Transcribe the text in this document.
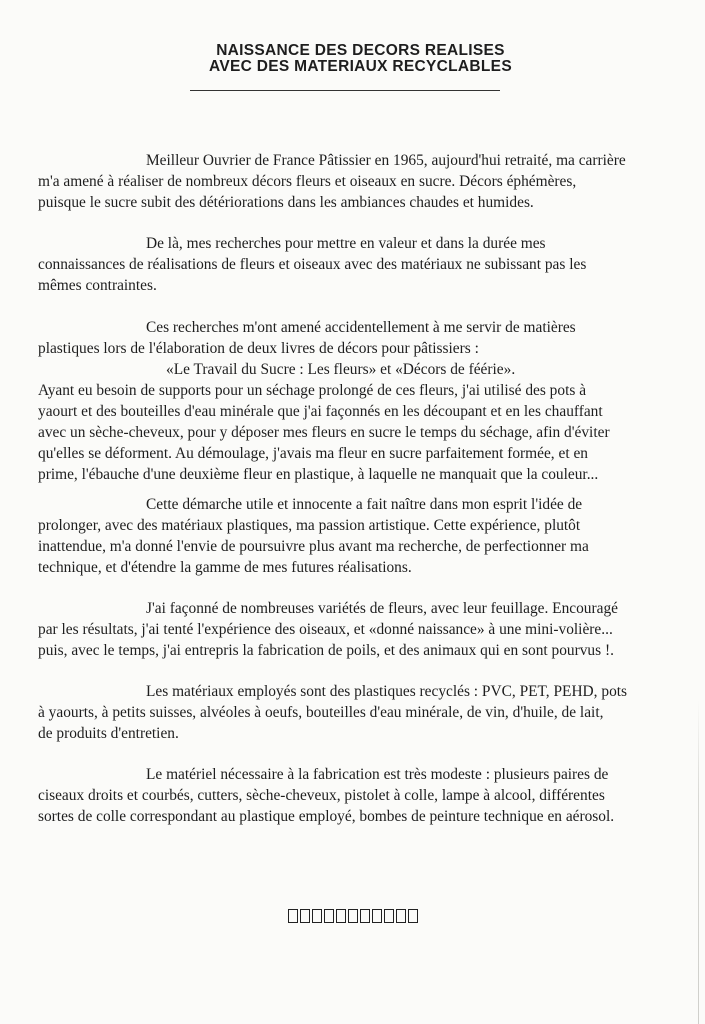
NAISSANCE DES DECORS REALISES
AVEC DES MATERIAUX RECYCLABLES
Meilleur Ouvrier de France Pâtissier en 1965, aujourd'hui retraité, ma carrière
m'a amené à réaliser de nombreux décors fleurs et oiseaux en sucre. Décors éphémères,
puisque le sucre subit des détériorations dans les ambiances chaudes et humides.
De là, mes recherches pour mettre en valeur et dans la durée mes
connaissances de réalisations de fleurs et oiseaux avec des matériaux ne subissant pas les
mêmes contraintes.
Ces recherches m'ont amené accidentellement à me servir de matières
plastiques lors de l'élaboration de deux livres de décors pour pâtissiers :
«Le Travail du Sucre : Les fleurs» et «Décors de féérie».
Ayant eu besoin de supports pour un séchage prolongé de ces fleurs, j'ai utilisé des pots à
yaourt et des bouteilles d'eau minérale que j'ai façonnés en les découpant et en les chauffant
avec un sèche-cheveux, pour y déposer mes fleurs en sucre le temps du séchage, afin d'éviter
qu'elles se déforment. Au démoulage, j'avais ma fleur en sucre parfaitement formée, et en
prime, l'ébauche d'une deuxième fleur en plastique, à laquelle ne manquait que la couleur...
Cette démarche utile et innocente a fait naître dans mon esprit l'idée de
prolonger, avec des matériaux plastiques, ma passion artistique. Cette expérience, plutôt
inattendue, m'a donné l'envie de poursuivre plus avant ma recherche, de perfectionner ma
technique, et d'étendre la gamme de mes futures réalisations.
J'ai façonné de nombreuses variétés de fleurs, avec leur feuillage. Encouragé
par les résultats, j'ai tenté l'expérience des oiseaux, et «donné naissance» à une mini-volière...
puis, avec le temps, j'ai entrepris la fabrication de poils, et des animaux qui en sont pourvus !.
Les matériaux employés sont des plastiques recyclés : PVC, PET, PEHD, pots
à yaourts, à petits suisses, alvéoles à oeufs, bouteilles d'eau minérale, de vin, d'huile, de lait,
de produits d'entretien.
Le matériel nécessaire à la fabrication est très modeste : plusieurs paires de
ciseaux droits et courbés, cutters, sèche-cheveux, pistolet à colle, lampe à alcool, différentes
sortes de colle correspondant au plastique employé, bombes de peinture technique en aérosol.
